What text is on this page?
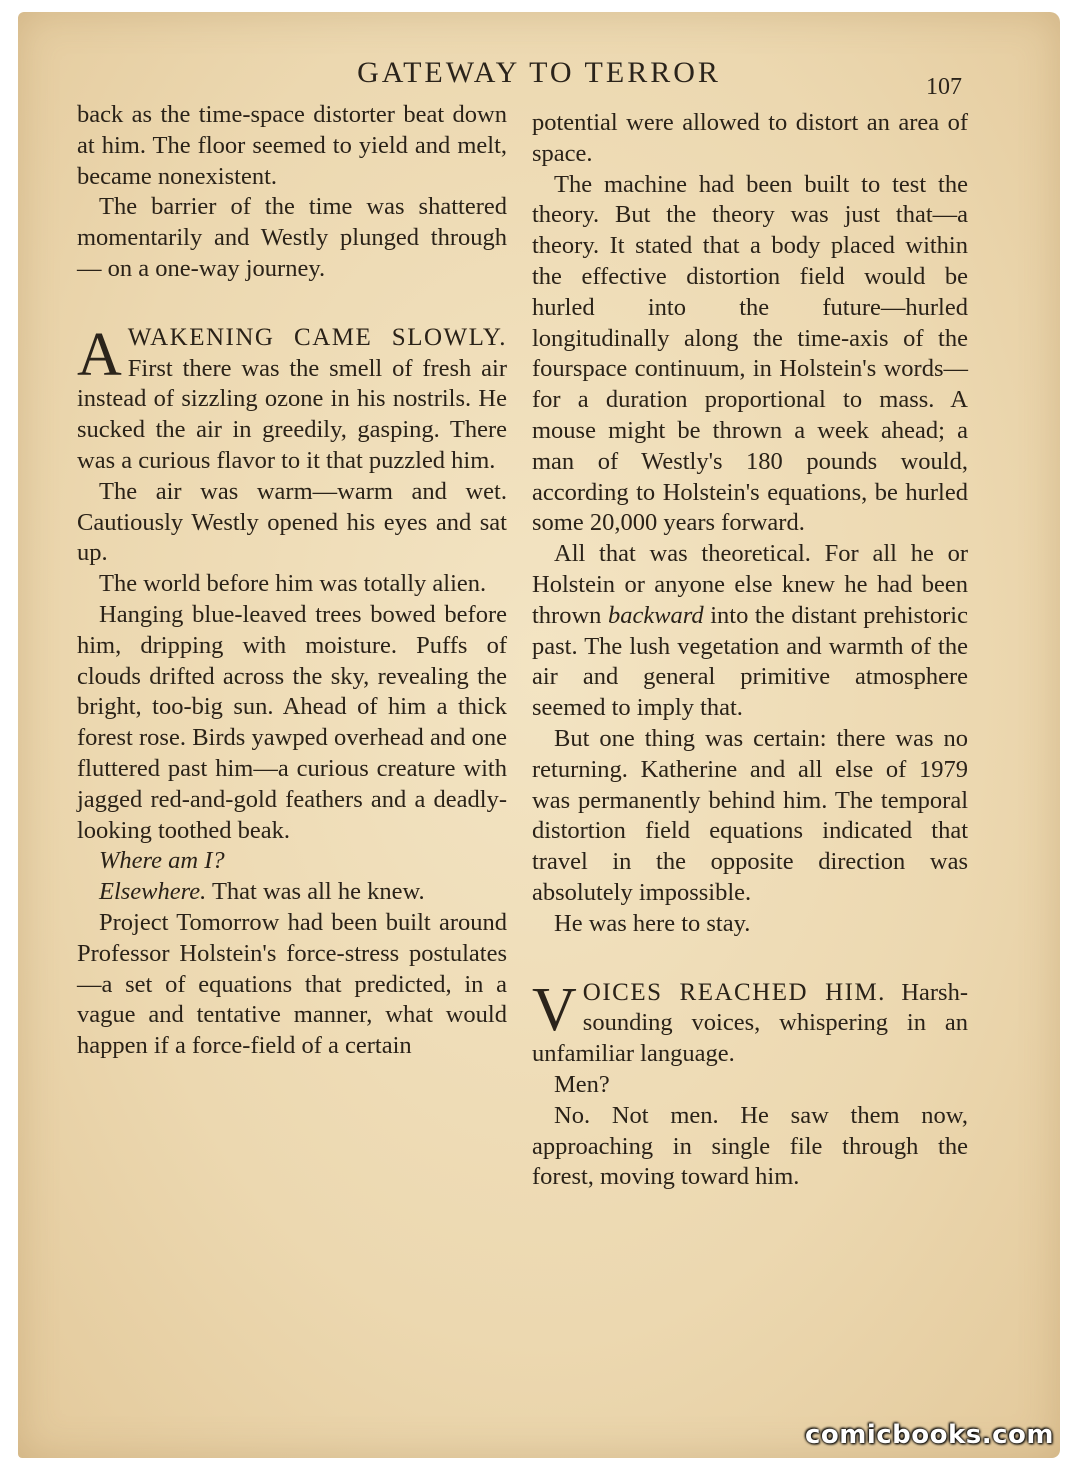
GATEWAY TO TERROR	107

back as the time-space distorter beat down at him. The floor seemed to yield and melt, became nonexistent.

The barrier of the time was shattered momentarily and Westly plunged through — on a one-way journey.

AWAKENING CAME SLOWLY. First there was the smell of fresh air instead of sizzling ozone in his nostrils. He sucked the air in greedily, gasping. There was a curious flavor to it that puzzled him.

The air was warm—warm and wet. Cautiously Westly opened his eyes and sat up.

The world before him was totally alien.

Hanging blue-leaved trees bowed before him, dripping with moisture. Puffs of clouds drifted across the sky, revealing the bright, too-big sun. Ahead of him a thick forest rose. Birds yawped overhead and one fluttered past him—a curious creature with jagged red-and-gold feathers and a deadly-looking toothed beak.

Where am I?

Elsewhere. That was all he knew.

Project Tomorrow had been built around Professor Holstein's force-stress postulates—a set of equations that predicted, in a vague and tentative manner, what would happen if a force-field of a certain

potential were allowed to distort an area of space.

The machine had been built to test the theory. But the theory was just that—a theory. It stated that a body placed within the effective distortion field would be hurled into the future—hurled longitudinally along the time-axis of the fourspace continuum, in Holstein's words—for a duration proportional to mass. A mouse might be thrown a week ahead; a man of Westly's 180 pounds would, according to Holstein's equations, be hurled some 20,000 years forward.

All that was theoretical. For all he or Holstein or anyone else knew he had been thrown backward into the distant prehistoric past. The lush vegetation and warmth of the air and general primitive atmosphere seemed to imply that.

But one thing was certain: there was no returning. Katherine and all else of 1979 was permanently behind him. The temporal distortion field equations indicated that travel in the opposite direction was absolutely impossible.

He was here to stay.

VOICES REACHED HIM. Harsh-sounding voices, whispering in an unfamiliar language.

Men?

No. Not men. He saw them now, approaching in single file through the forest, moving toward him.

comicbooks.com
